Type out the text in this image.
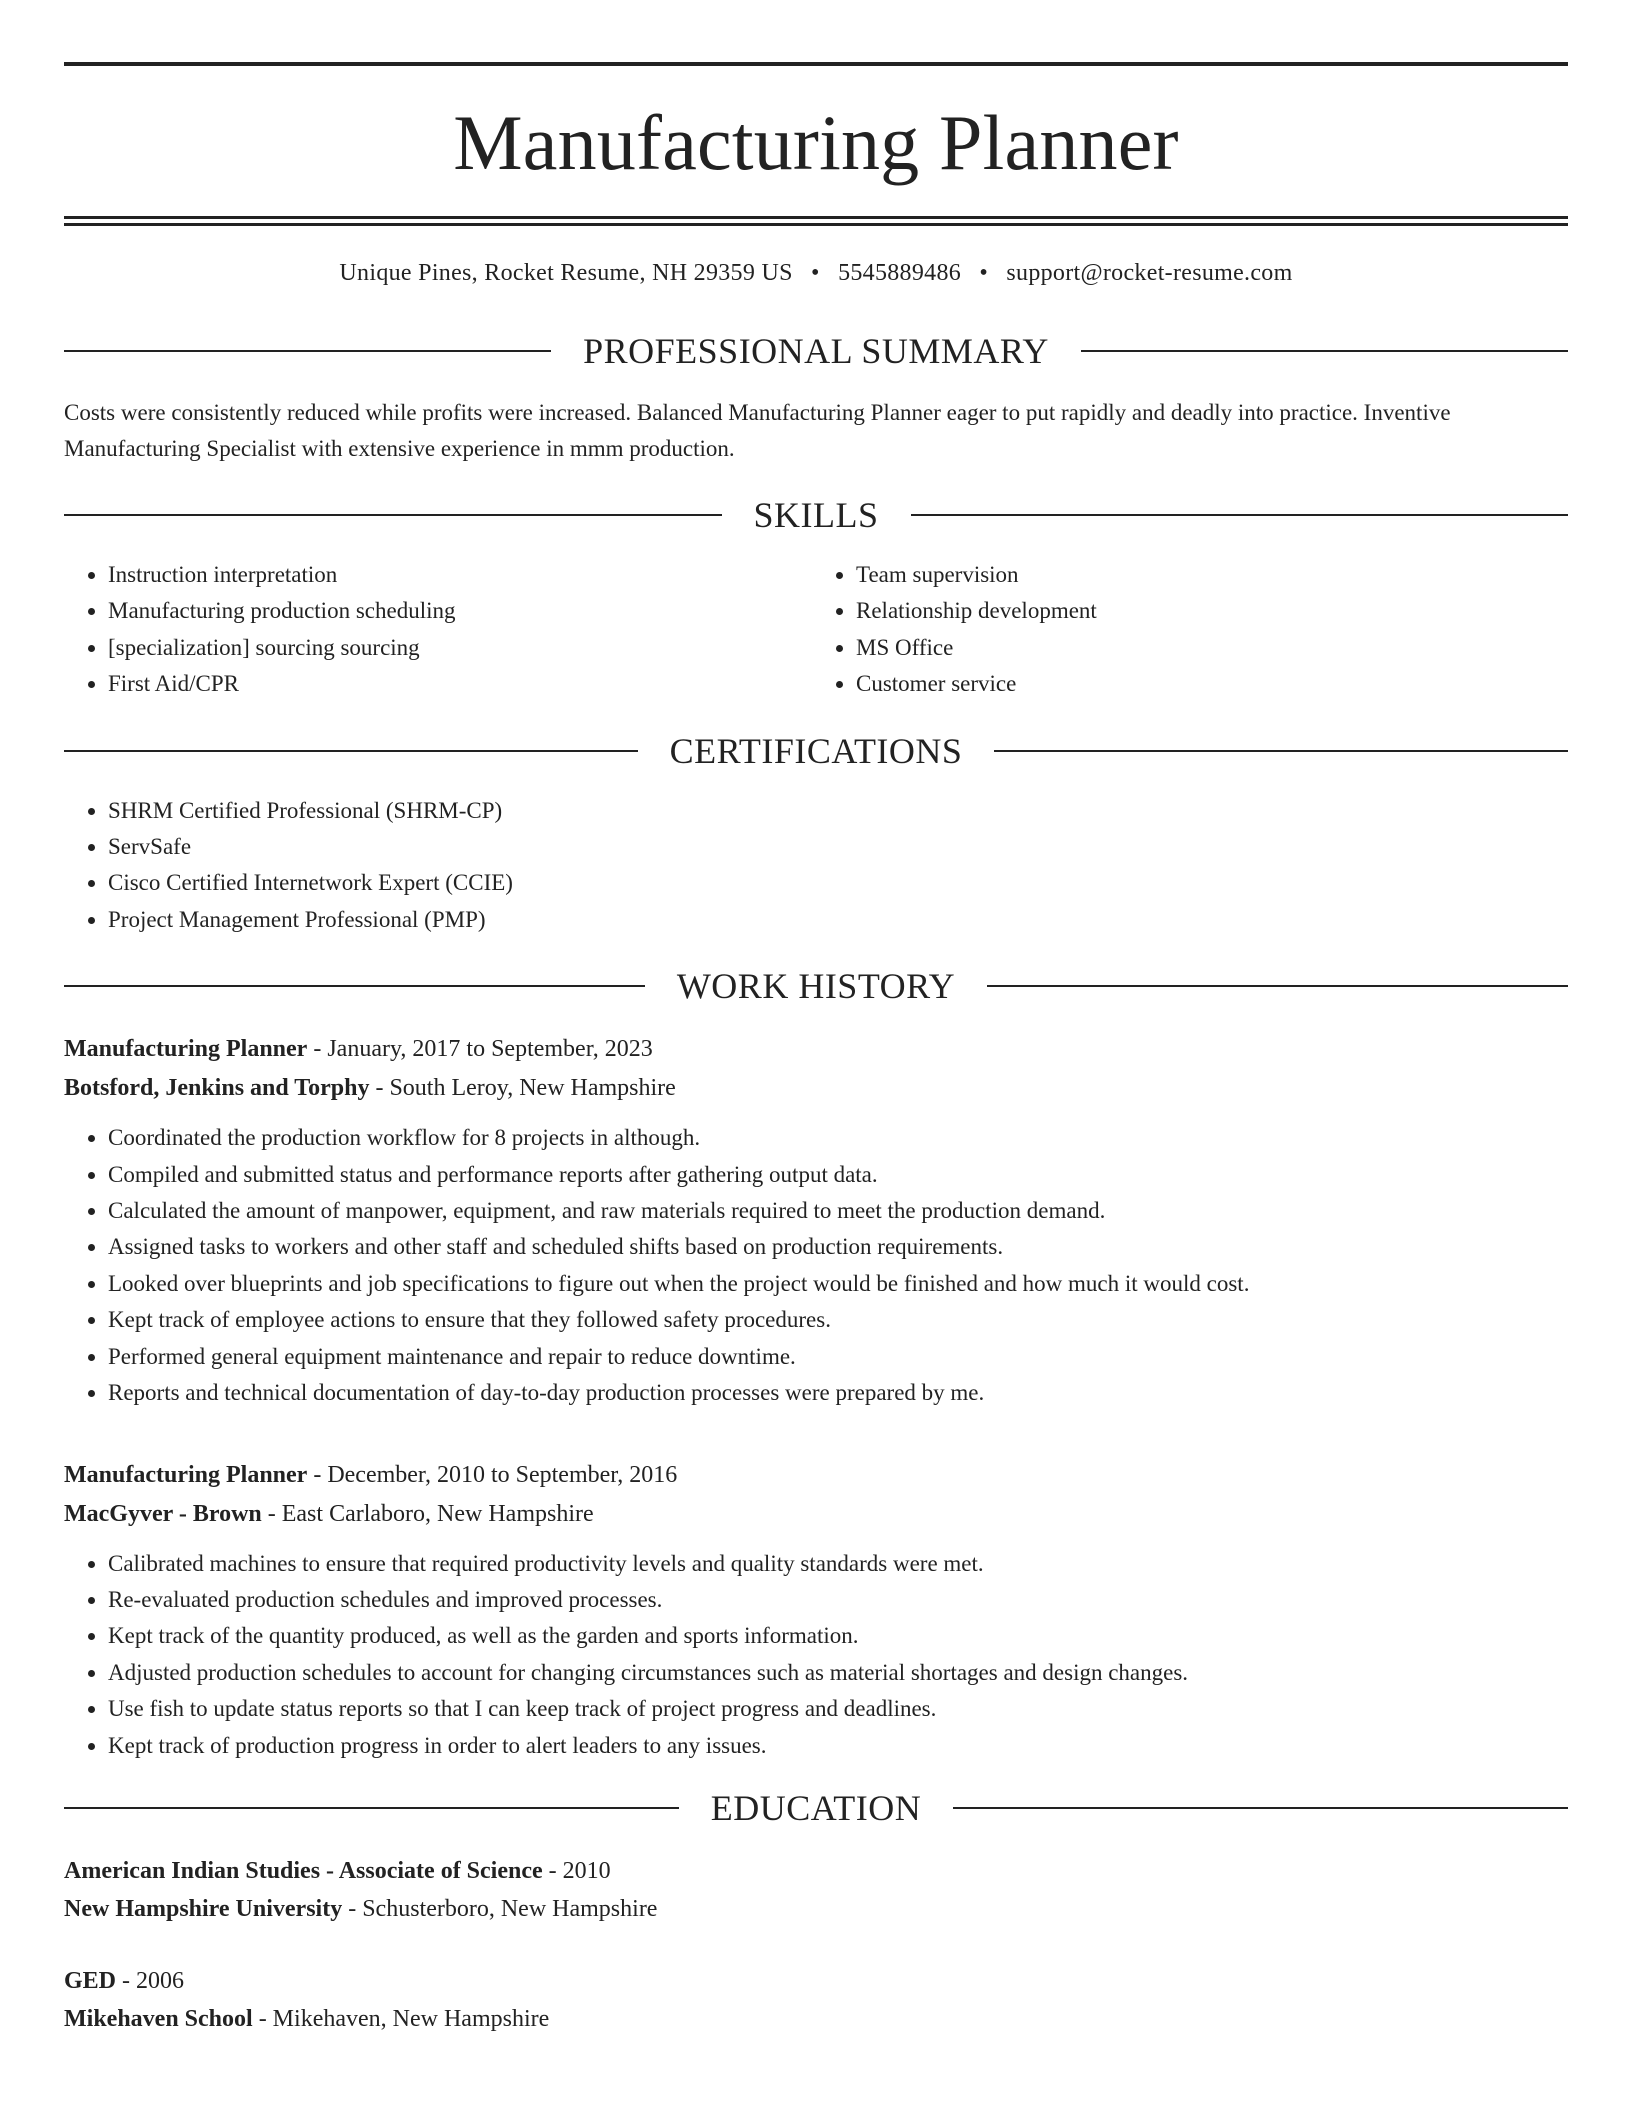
Manufacturing Planner
Unique Pines, Rocket Resume, NH 29359 US • 5545889486 • support@rocket-resume.com
PROFESSIONAL SUMMARY

Costs were consistently reduced while profits were increased. Balanced Manufacturing Planner eager to put rapidly and deadly into practice. Inventive Manufacturing Specialist with extensive experience in mmm production.

SKILLS
• Instruction interpretation
• Manufacturing production scheduling
• [specialization] sourcing sourcing
• First Aid/CPR
• Team supervision
• Relationship development
• MS Office
• Customer service
CERTIFICATIONS
• SHRM Certified Professional (SHRM-CP)
• ServSafe
• Cisco Certified Internetwork Expert (CCIE)
• Project Management Professional (PMP)
WORK HISTORY
Manufacturing Planner - January, 2017 to September, 2023
Botsford, Jenkins and Torphy - South Leroy, New Hampshire
• Coordinated the production workflow for 8 projects in although.
• Compiled and submitted status and performance reports after gathering output data.
• Calculated the amount of manpower, equipment, and raw materials required to meet the production demand.
• Assigned tasks to workers and other staff and scheduled shifts based on production requirements.
• Looked over blueprints and job specifications to figure out when the project would be finished and how much it would cost.
• Kept track of employee actions to ensure that they followed safety procedures.
• Performed general equipment maintenance and repair to reduce downtime.
• Reports and technical documentation of day-to-day production processes were prepared by me.
Manufacturing Planner - December, 2010 to September, 2016
MacGyver - Brown - East Carlaboro, New Hampshire
• Calibrated machines to ensure that required productivity levels and quality standards were met.
• Re-evaluated production schedules and improved processes.
• Kept track of the quantity produced, as well as the garden and sports information.
• Adjusted production schedules to account for changing circumstances such as material shortages and design changes.
• Use fish to update status reports so that I can keep track of project progress and deadlines.
• Kept track of production progress in order to alert leaders to any issues.
EDUCATION
American Indian Studies - Associate of Science - 2010
New Hampshire University - Schusterboro, New Hampshire
GED - 2006
Mikehaven School - Mikehaven, New Hampshire
